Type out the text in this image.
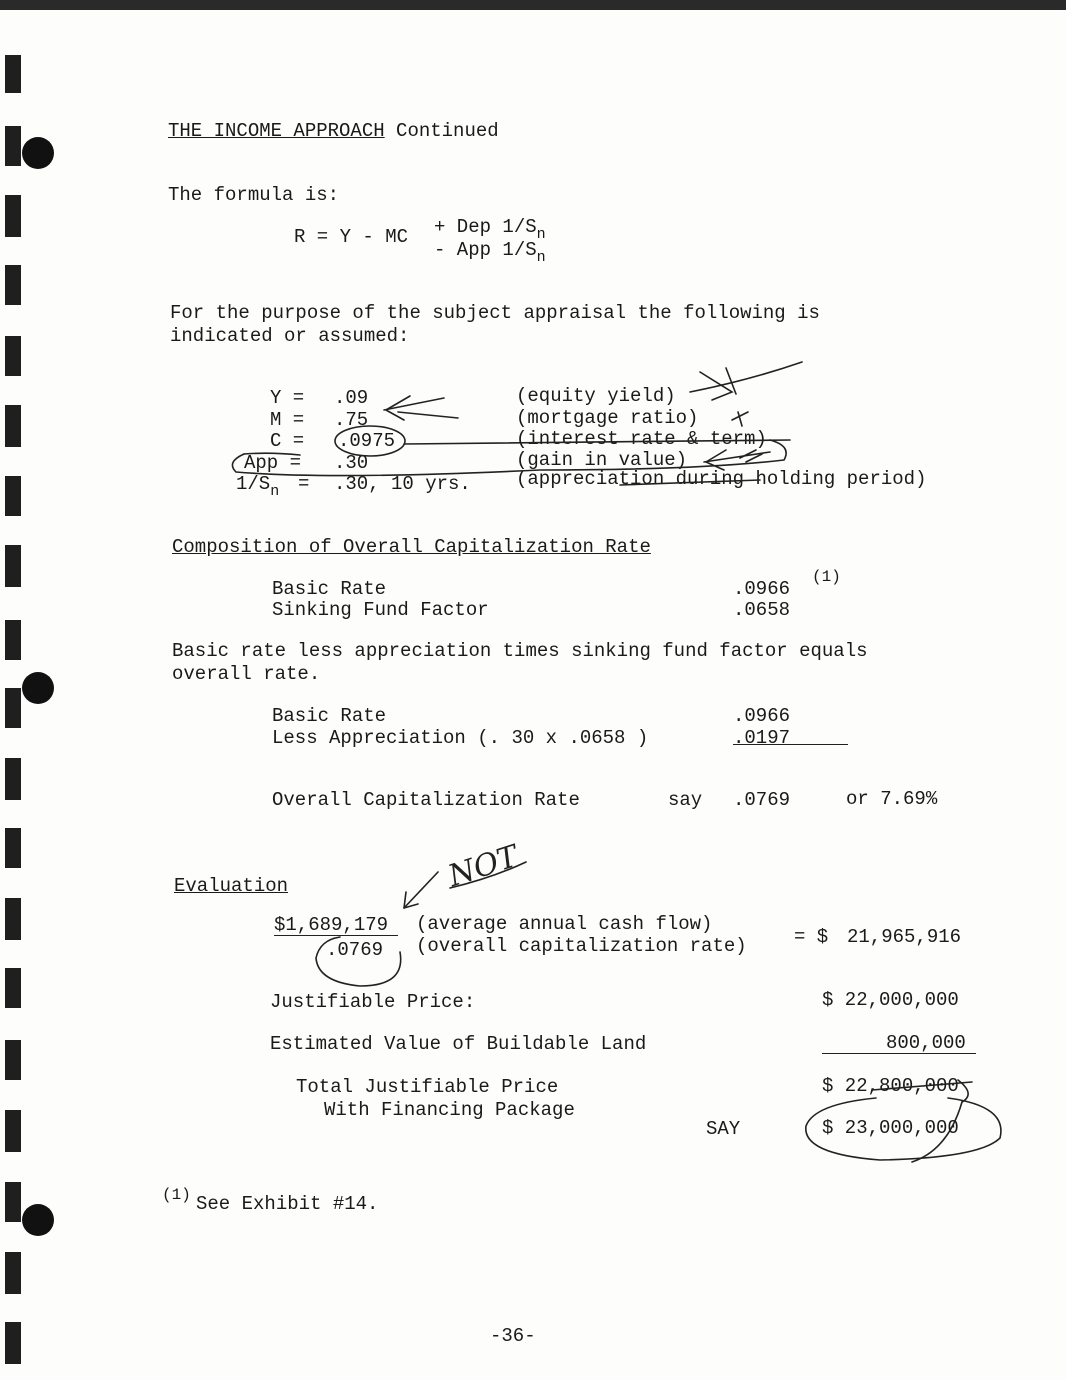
THE INCOME APPROACH Continued
The formula is:
R = Y - MC + Dep $1/S_n$
- App $1/S_n$
For the purpose of the subject appraisal the following is
indicated or assumed:
Y = .09	(equity yield)
M = .75	(mortgage ratio)
C = .0975	(interest rate & term)
App = .30	(gain in value)
$1/S_n = .30$, 10 yrs. (appreciation during holding period)
Composition of Overall Capitalization Rate
Basic Rate	.0966
(1)
Sinking Fund Factor	.0658
Basic rate less appreciation times sinking fund factor equals
overall rate.
Basic Rate	.0966
Less Appreciation (. 30 x .0658 )	.0197
Overall Capitalization Rate	say .0769	or 7.69%
Evaluation
$1,689,179 (average annual cash flow)
.0769 (overall capitalization rate) = $ 21,965,916
Justifiable Price:	$ 22,000,000
Estimated Value of Buildable Land	800,000
Total Justifiable Price
With Financing Package
$ 22,800,000
SAY	$ 23,000,000
NOT
(1) See Exhibit #14.
-36-
